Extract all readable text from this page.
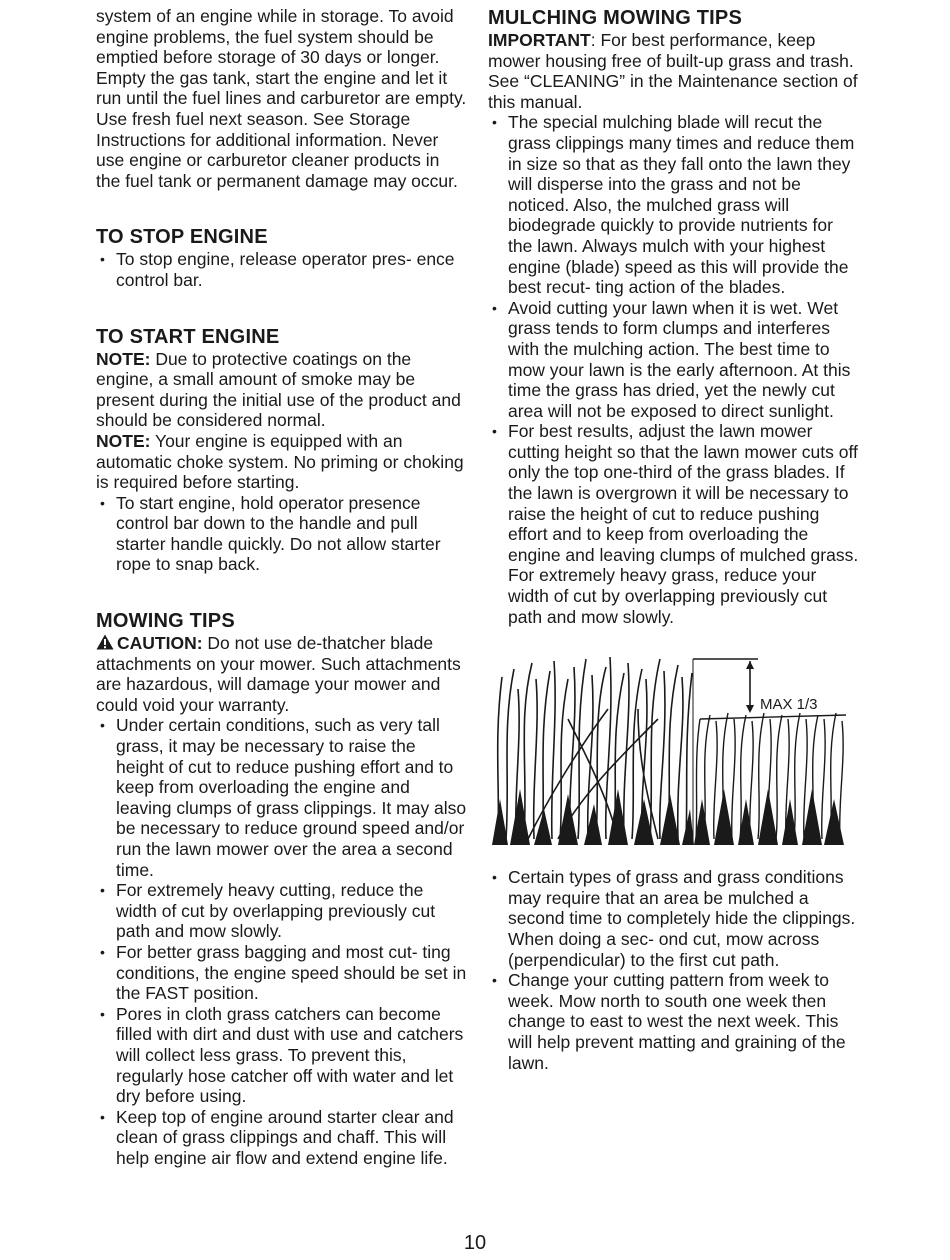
system of an engine while in storage. To avoid engine problems, the fuel system should be emptied before storage of 30 days or longer. Empty the gas tank, start the engine and let it run until the fuel lines and carburetor are empty. Use fresh fuel next season. See Storage Instructions for additional information. Never use engine or carburetor cleaner products in the fuel tank or permanent damage may occur.

TO STOP ENGINE
• To stop engine, release operator pres- ence control bar.
TO START ENGINE

NOTE: Due to protective coatings on the engine, a small amount of smoke may be present during the initial use of the product and should be considered normal.

NOTE: Your engine is equipped with an automatic choke system. No priming or choking is required before starting.

• To start engine, hold operator presence control bar down to the handle and pull starter handle quickly. Do not allow starter rope to snap back.
MOWING TIPS

CAUTION: Do not use de-thatcher blade attachments on your mower. Such attachments are hazardous, will damage your mower and could void your warranty.

• Under certain conditions, such as very tall grass, it may be necessary to raise the height of cut to reduce pushing effort and to keep from overloading the engine and leaving clumps of grass clippings. It may also be necessary to reduce ground speed and/or run the lawn mower over the area a second time.
• For extremely heavy cutting, reduce the width of cut by overlapping previously cut path and mow slowly.
• For better grass bagging and most cut- ting conditions, the engine speed should be set in the FAST position.
• Pores in cloth grass catchers can become filled with dirt and dust with use and catchers will collect less grass. To prevent this, regularly hose catcher off with water and let dry before using.
• Keep top of engine around starter clear and clean of grass clippings and chaff. This will help engine air flow and extend engine life.
MULCHING MOWING TIPS

IMPORTANT: For best performance, keep mower housing free of built-up grass and trash. See “CLEANING” in the Maintenance section of this manual.

• The special mulching blade will recut the grass clippings many times and reduce them in size so that as they fall onto the lawn they will disperse into the grass and not be noticed. Also, the mulched grass will biodegrade quickly to provide nutrients for the lawn. Always mulch with your highest engine (blade) speed as this will provide the best recut- ting action of the blades.
• Avoid cutting your lawn when it is wet. Wet grass tends to form clumps and interferes with the mulching action. The best time to mow your lawn is the early afternoon. At this time the grass has dried, yet the newly cut area will not be exposed to direct sunlight.
• For best results, adjust the lawn mower cutting height so that the lawn mower cuts off only the top one-third of the grass blades. If the lawn is overgrown it will be necessary to raise the height of cut to reduce pushing effort and to keep from overloading the engine and leaving clumps of mulched grass. For extremely heavy grass, reduce your width of cut by overlapping previously cut path and mow slowly.
MAX 1/3
• Certain types of grass and grass conditions may require that an area be mulched a second time to completely hide the clippings. When doing a sec- ond cut, mow across (perpendicular) to the first cut path.
• Change your cutting pattern from week to week. Mow north to south one week then change to east to west the next week. This will help prevent matting and graining of the lawn.
10
